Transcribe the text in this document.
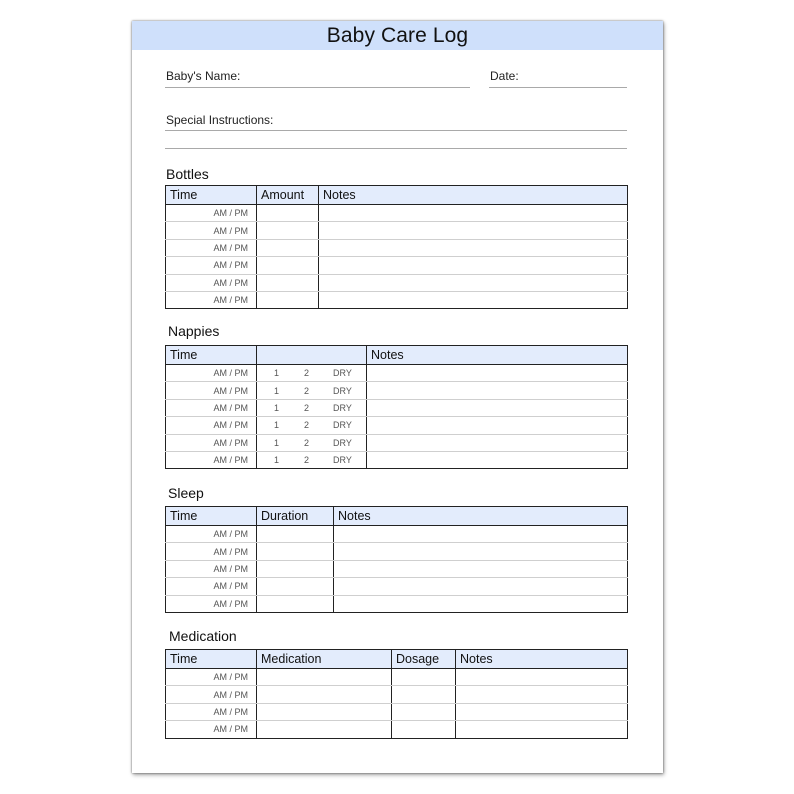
Baby Care Log
Baby's Name:	Date:
Special Instructions:
Bottles
Time	Amount	Notes
AM / PM		
AM / PM		
AM / PM		
AM / PM		
AM / PM		
AM / PM		
Nappies
Time		Notes
AM / PM	1 2 DRY	
AM / PM	1 2 DRY	
AM / PM	1 2 DRY	
AM / PM	1 2 DRY	
AM / PM	1 2 DRY	
AM / PM	1 2 DRY	
Sleep
Time	Duration	Notes
AM / PM		
AM / PM		
AM / PM		
AM / PM		
AM / PM		
Medication
Time	Medication	Dosage	Notes
AM / PM			
AM / PM			
AM / PM			
AM / PM			
